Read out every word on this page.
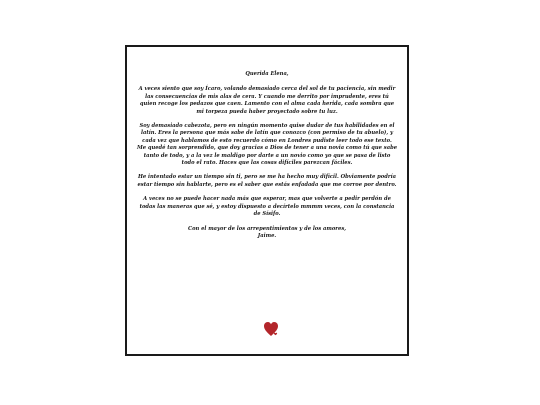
Querida Elena,

A veces siento que soy Ícaro, volando demasiado cerca del sol de tu paciencia, sin medir las consecuencias de mis alas de cera. Y cuando me derrito por imprudente, eres tú quien recoge los pedazos que caen. Lamento con el alma cada herida, cada sombra que mi torpeza pueda haber proyectado sobre tu luz.

Soy demasiado cabezota, pero en ningún momento quise dudar de tus habilidades en el latín. Eres la persona que más sabe de latín que conozco (con permiso de tu abuelo), y cada vez que hablamos de esto recuerdo cómo en Londres pudiste leer todo ese texto. Me quedé tan sorprendido, que doy gracias a Dios de tener a una novia como tú que sabe tanto de todo, y a la vez le maldigo por darte a un novio como yo que se pasa de listo todo el rato. Haces que las cosas difíciles parezcan fáciles.

He intentado estar un tiempo sin ti, pero se me ha hecho muy difícil. Obviamente podría estar tiempo sin hablarte, pero es el saber que estás enfadada que me corroe por dentro.

A veces no se puede hacer nada más que esperar, mas que volverte a pedir perdón de todas las maneras que sé, y estoy dispuesto a decírtelo mmmm veces, con la constancia de Sísifo.

Con el mayor de los arrepentimientos y de los amores,
Jaime.
